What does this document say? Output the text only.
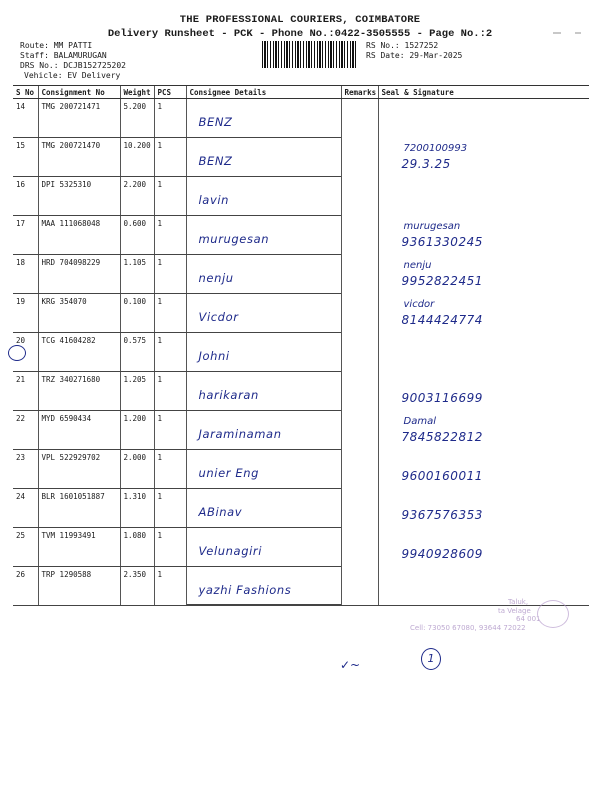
THE PROFESSIONAL COURIERS, COIMBATORE
Delivery Runsheet - PCK - Phone No.:0422-3505555 - Page No.:2
Route: MM PATTI
Staff: BALAMURUGAN
DRS No.: DCJB152725202
Vehicle: EV Delivery
RS No.: 1527252
RS Date: 29-Mar-2025
S No	Consignment No	Weight	PCS	Consignee Details	Remarks	Seal & Signature
14	TMG 200721471	5.200	1	BENZ		

15	TMG 200721470	10.200	1	BENZ		7200100993
29.3.25

16	DPI 5325310	2.200	1	lavin		

17	MAA 111068048	0.600	1	murugesan		murugesan
9361330245

18	HRD 704098229	1.105	1	nenju		nenju
9952822451

19	KRG 354070	0.100	1	Vicdor		vicdor
8144424774

20	TCG 41604282	0.575	1	Johni		

21	TRZ 340271680	1.205	1	harikaran		9003116699

22	MYD 6590434	1.200	1	Jaraminaman		Damal
7845822812

23	VPL 522929702	2.000	1	unier Eng		9600160011

24	BLR 1601051887	1.310	1	ABinav		9367576353

25	TVM 11993491	1.080	1	Velunagiri		9940928609

26	TRP 1290588	2.350	1	yazhi Fashions		

Taluk,
ta Velage
64 001
Cell: 73050 67080, 93644 72022
✓~	1
